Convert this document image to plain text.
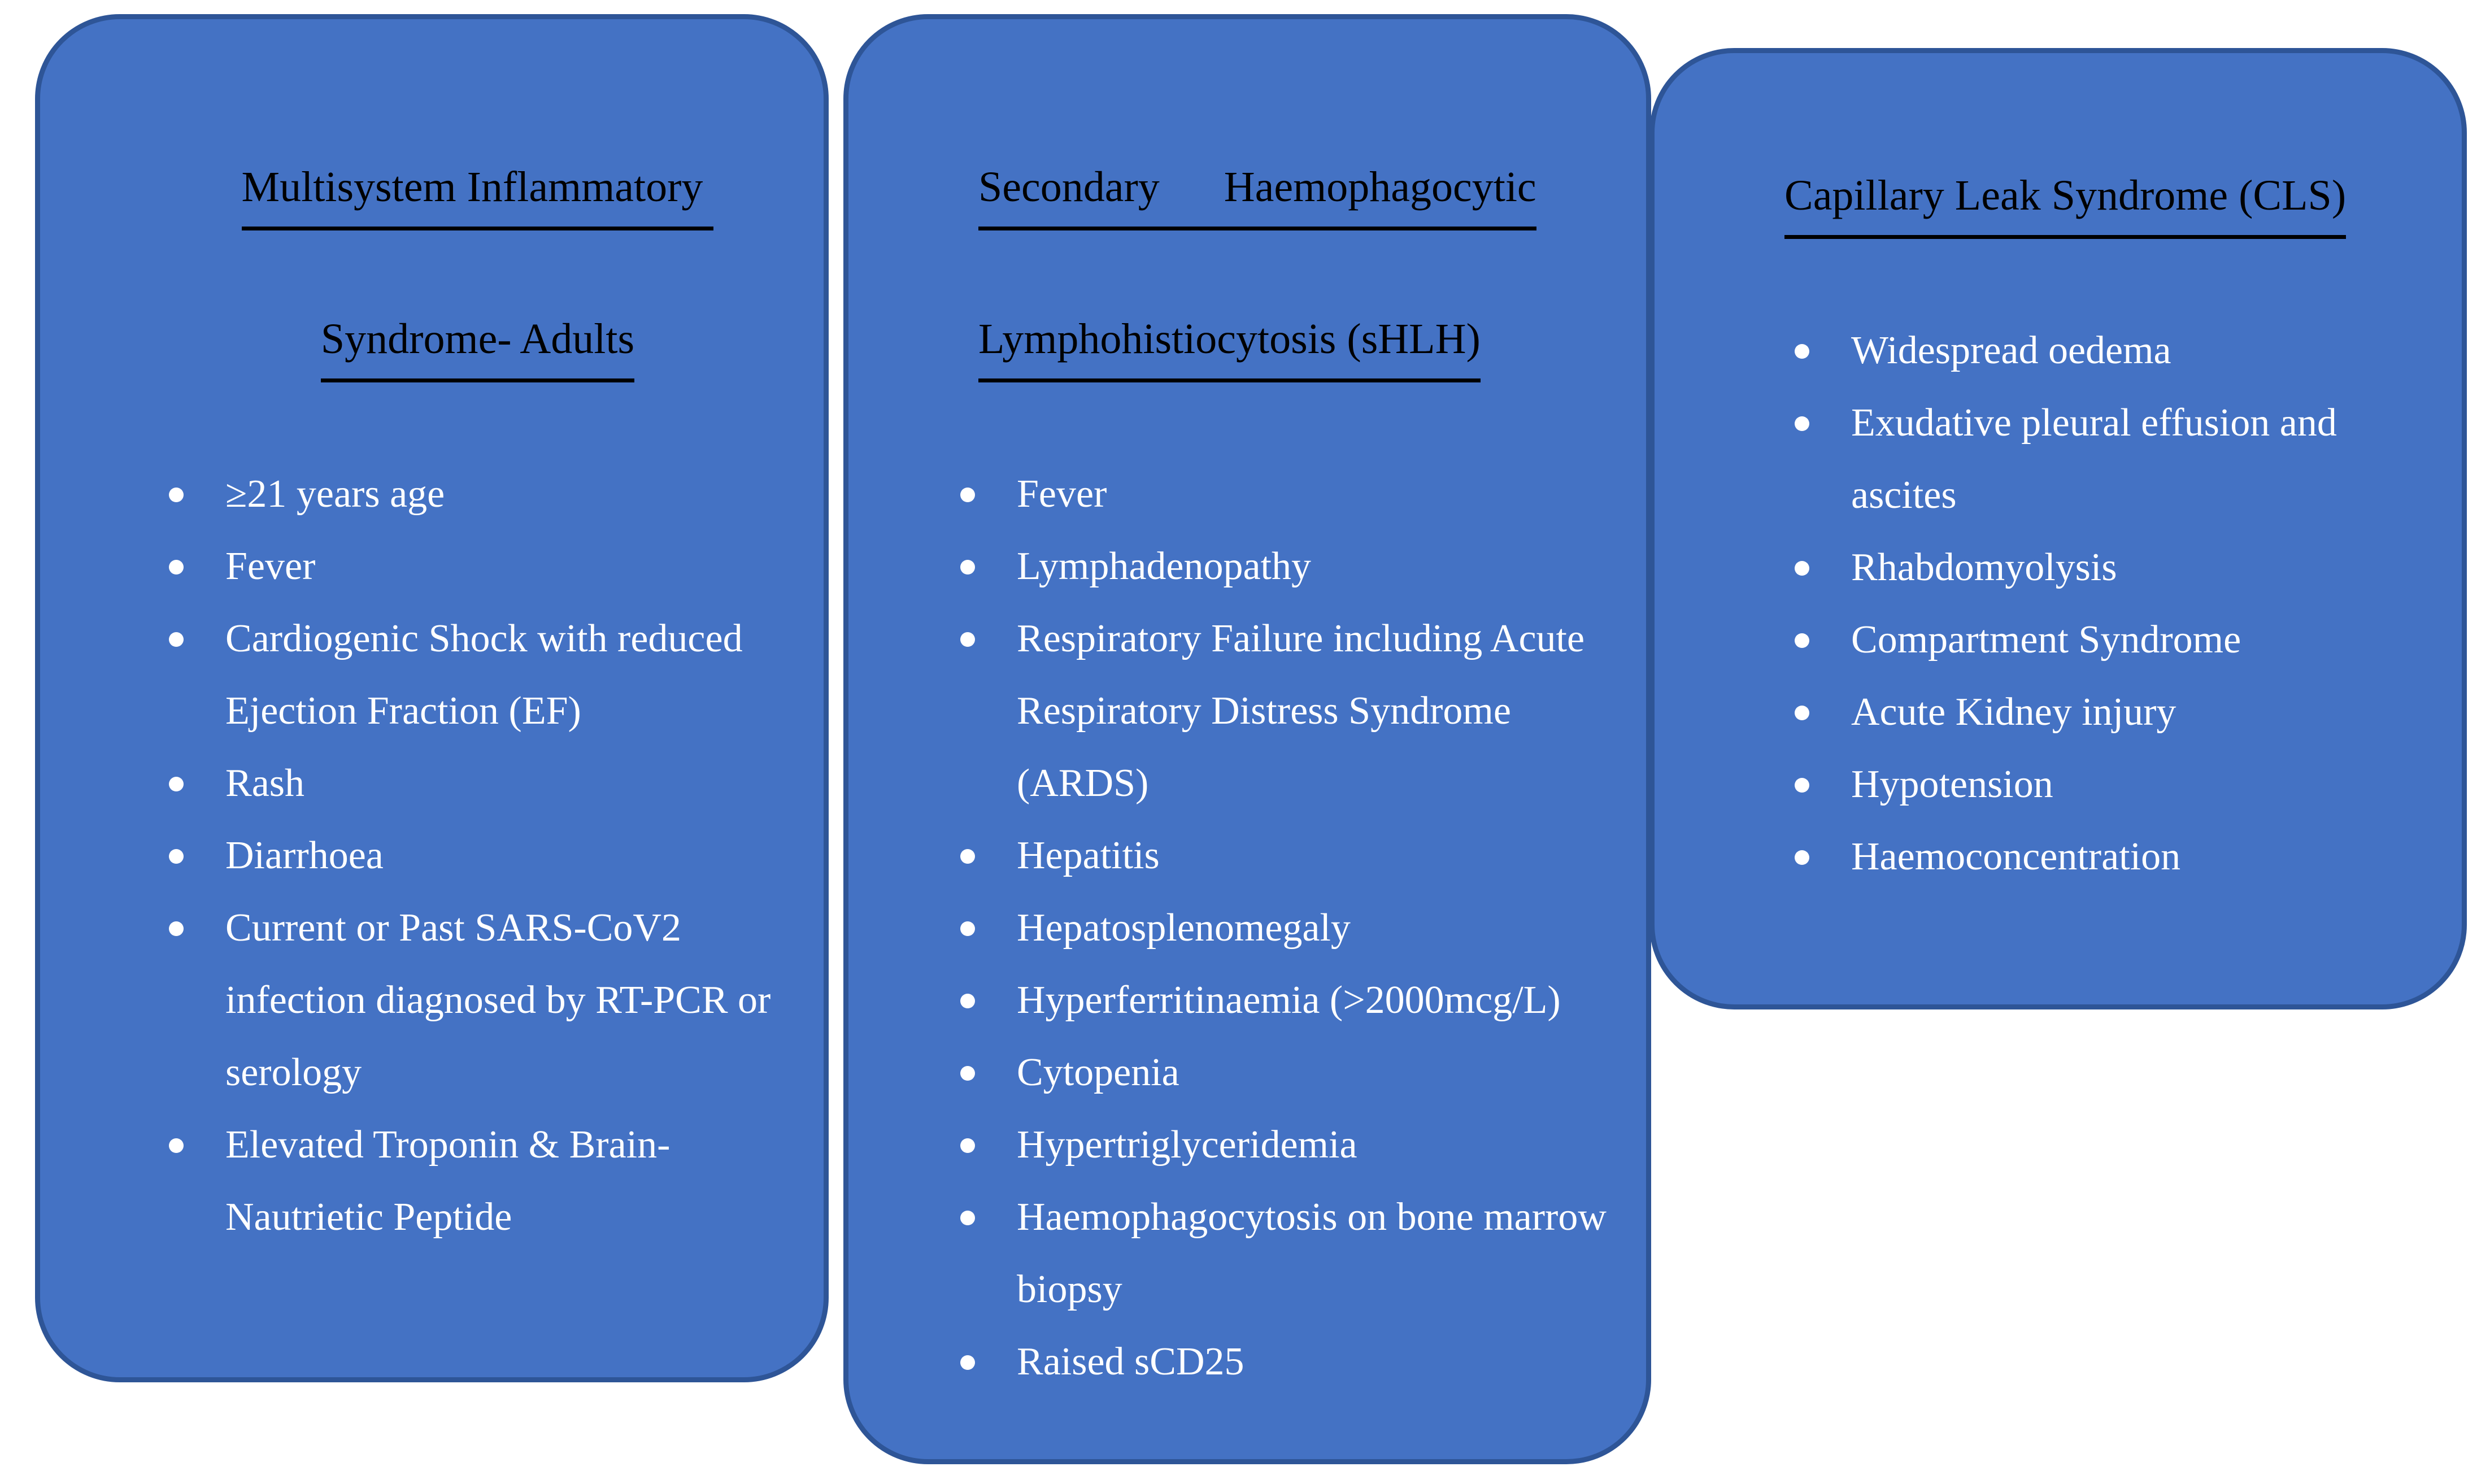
Multisystem Inflammatory

Syndrome- Adults

≥21 years age
Fever
Cardiogenic Shock with reduced Ejection Fraction (EF)
Rash
Diarrhoea
Current or Past SARS-CoV2 infection diagnosed by RT-PCR or    serology
Elevated Troponin & Brain-Nautrietic Peptide

Secondary      Haemophagocytic

Lymphohistiocytosis (sHLH)

Fever
Lymphadenopathy
Respiratory Failure including Acute Respiratory Distress Syndrome (ARDS)
Hepatitis
Hepatosplenomegaly
Hyperferritinaemia (>2000mcg/L)
Cytopenia
Hypertriglyceridemia
Haemophagocytosis on bone marrow biopsy
Raised sCD25

Capillary Leak Syndrome (CLS)

Widespread oedema
Exudative pleural effusion and ascites
Rhabdomyolysis
Compartment Syndrome
Acute Kidney injury
Hypotension
Haemoconcentration
